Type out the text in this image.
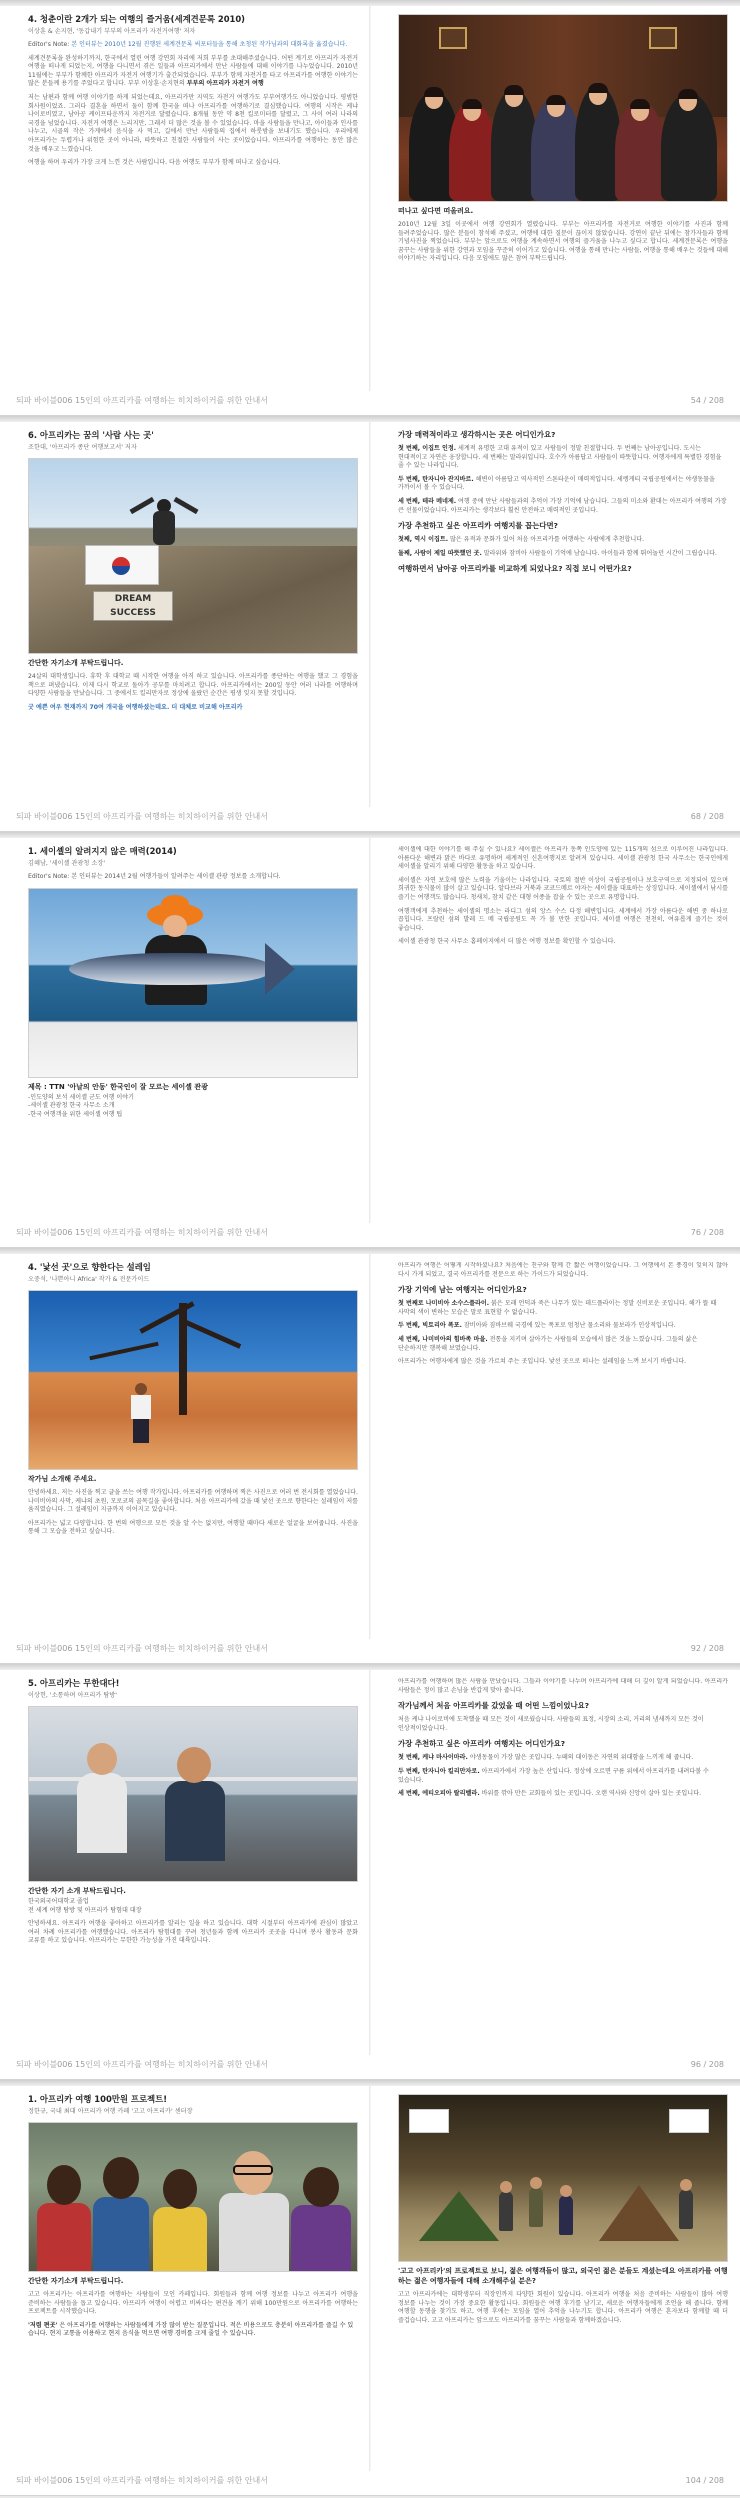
4. 청춘이란 2개가 되는 여행의 즐거움(세계견문록 2010)
이상훈 & 손지현, '동갑내기 부부의 아프리카 자전거여행' 저자
Editor's Note: 본 인터뷰는 2010년 12월 진행된 세계견문록 써포터들을 통해 초청된 작가님과의 대화록을 옮겼습니다.
세계견문록을 완성하기까지, 한국에서 열린 여행 강연회 자리에 저희 부부를 초대해주셨습니다. 어떤 계기로 아프리카 자전거 여행을 떠나게 되었는지, 여행을 다니면서 겪은 일들과 아프리카에서 만난 사람들에 대해 이야기를 나누었습니다. 2010년 11월에는 부부가 함께한 아프리카 자전거 여행기가 출간되었습니다. 부부가 함께 자전거를 타고 아프리카를 여행한 이야기는 많은 분들께 용기를 주었다고 합니다. 부부 이상훈·손지현의 부부의 아프리카 자전거 여행
저는 남편과 함께 여행 이야기를 하게 되었는데요, 아프리카만 지역도 자전거 여행가도 부부여행가도 아니었습니다. 평범한 회사원이었죠. 그러다 결혼을 하면서 둘이 함께 한국을 떠나 아프리카를 여행하기로 결심했습니다. 여행의 시작은 케냐 나이로비였고, 남아공 케이프타운까지 자전거로 달렸습니다. 8개월 동안 약 8천 킬로미터를 달렸고, 그 사이 여러 나라의 국경을 넘었습니다. 자전거 여행은 느리지만, 그래서 더 많은 것을 볼 수 있었습니다. 마을 사람들을 만나고, 아이들과 인사를 나누고, 시골의 작은 가게에서 음식을 사 먹고, 길에서 만난 사람들의 집에서 하룻밤을 보내기도 했습니다. 우리에게 아프리카는 두렵거나 위험한 곳이 아니라, 따뜻하고 친절한 사람들이 사는 곳이었습니다. 아프리카를 여행하는 동안 많은 것을 배우고 느꼈습니다.
여행을 하며 우리가 가장 크게 느낀 것은 사람입니다. 다음 여행도 부부가 함께 떠나고 싶습니다.
떠나고 싶다면 떠올려요.
2010년 12월 3일 이곳에서 여행 강연회가 열렸습니다. 부부는 아프리카를 자전거로 여행한 이야기를 사진과 함께 들려주었습니다. 많은 분들이 참석해 주셨고, 여행에 대한 질문이 끊이지 않았습니다. 강연이 끝난 뒤에는 참가자들과 함께 기념사진을 찍었습니다. 부부는 앞으로도 여행을 계속하면서 여행의 즐거움을 나누고 싶다고 합니다. 세계견문록은 여행을 꿈꾸는 사람들을 위한 강연과 모임을 꾸준히 이어가고 있습니다. 여행을 통해 만나는 사람들, 여행을 통해 배우는 것들에 대해 이야기하는 자리입니다. 다음 모임에도 많은 참여 부탁드립니다.
되파 바이블006 15인의 아프리카를 여행하는 히치하이커를 위한 안내서	54 / 208
6. 아프리카는 꿈의 '사람 사는 곳'
조한대, '아프리카 종단 여행보고서' 저자
DREAM
SUCCESS
간단한 자기소개 부탁드립니다.
24살의 대학생입니다. 휴학 후 대학교 때 시작한 여행을 아직 하고 있습니다. 아프리카를 종단하는 여행을 했고 그 경험을 책으로 펴냈습니다. 이제 다시 학교로 돌아가 공부를 마치려고 합니다. 아프리카에서는 200일 동안 여러 나라를 여행하며 다양한 사람들을 만났습니다. 그 중에서도 킬리만자로 정상에 올랐던 순간은 평생 잊지 못할 것입니다.
굿 예쁜 여우 현재까지 70여 개국을 여행하셨는데요. 더 대체로 비교해 아프리카
가장 매력적이라고 생각하시는 곳은 어디인가요?
첫 번째, 이집트 인정. 세계적 유명한 고대 유적이 있고 사람들이 정말 친절합니다. 두 번째는 남아공입니다. 도시는 현대적이고 자연은 웅장합니다. 세 번째는 말라위입니다. 호수가 아름답고 사람들이 따뜻합니다. 여행자에게 특별한 경험을 줄 수 있는 나라입니다.
두 번째, 탄자니아 잔지바르. 해변이 아름답고 역사적인 스톤타운이 매력적입니다. 세렝게티 국립공원에서는 야생동물을 가까이서 볼 수 있습니다.
세 번째, 테라 메네제. 여행 중에 만난 사람들과의 추억이 가장 기억에 남습니다. 그들의 미소와 환대는 아프리카 여행의 가장 큰 선물이었습니다. 아프리카는 생각보다 훨씬 안전하고 매력적인 곳입니다.
가장 추천하고 싶은 아프리카 여행지를 꼽는다면?
첫째, 역시 이집트. 많은 유적과 문화가 있어 처음 아프리카를 여행하는 사람에게 추천합니다.
둘째, 사람이 제일 따뜻했던 곳. 말라위와 잠비아 사람들이 기억에 남습니다. 아이들과 함께 뛰어놀던 시간이 그립습니다.
여행하면서 남아공 아프리카를 비교하게 되었나요? 직접 보니 어떤가요?
되파 바이블006 15인의 아프리카를 여행하는 히치하이커를 위한 안내서	68 / 208
1. 세이셸의 알려지지 않은 매력(2014)
김혜남, '세이셸 관광청 소장'
Editor's Note: 본 인터뷰는 2014년 2월 여행가들이 알려주는 세이셸 관광 정보를 소개합니다.
제목 : TTN '아날의 안동' 한국인이 잘 모르는 세이셸 관광
-인도양의 보석 세이셸 군도 여행 이야기
-세이셸 관광청 한국 사무소 소개
-한국 여행객을 위한 세이셸 여행 팁
세이셸에 대한 이야기를 해 주실 수 있나요? 세이셸은 아프리카 동쪽 인도양에 있는 115개의 섬으로 이루어진 나라입니다. 아름다운 해변과 맑은 바다로 유명하며 세계적인 신혼여행지로 알려져 있습니다. 세이셸 관광청 한국 사무소는 한국인에게 세이셸을 알리기 위해 다양한 활동을 하고 있습니다.
세이셸은 자연 보호에 많은 노력을 기울이는 나라입니다. 국토의 절반 이상이 국립공원이나 보호구역으로 지정되어 있으며 희귀한 동식물이 많이 살고 있습니다. 알다브라 거북과 코코드메르 야자는 세이셸을 대표하는 상징입니다. 세이셸에서 낚시를 즐기는 여행객도 많습니다. 청새치, 참치 같은 대형 어종을 잡을 수 있는 곳으로 유명합니다.
여행객에게 추천하는 세이셸의 명소는 라디그 섬의 앙스 수스 다정 해변입니다. 세계에서 가장 아름다운 해변 중 하나로 꼽힙니다. 프랄린 섬의 발레 드 메 국립공원도 꼭 가 볼 만한 곳입니다. 세이셸 여행은 천천히, 여유롭게 즐기는 것이 좋습니다.
세이셸 관광청 한국 사무소 홈페이지에서 더 많은 여행 정보를 확인할 수 있습니다.
되파 바이블006 15인의 아프리카를 여행하는 히치하이커를 위한 안내서	76 / 208
4. '낯선 곳'으로 향한다는 설레임
오중석, '나쁜아니 Africa' 작가 & 전문가이드
작가님 소개해 주세요.
안녕하세요. 저는 사진을 찍고 글을 쓰는 여행 작가입니다. 아프리카를 여행하며 찍은 사진으로 여러 번 전시회를 열었습니다. 나미비아의 사막, 케냐의 초원, 모로코의 골목길을 좋아합니다. 처음 아프리카에 갔을 때 낯선 곳으로 향한다는 설레임이 저를 움직였습니다. 그 설레임이 지금까지 이어지고 있습니다.
아프리카는 넓고 다양합니다. 한 번의 여행으로 모든 것을 알 수는 없지만, 여행할 때마다 새로운 얼굴을 보여줍니다. 사진을 통해 그 모습을 전하고 싶습니다.
아프리카 여행은 어떻게 시작하셨나요? 처음에는 친구와 함께 간 짧은 여행이었습니다. 그 여행에서 본 풍경이 잊히지 않아 다시 가게 되었고, 결국 아프리카를 전문으로 하는 가이드가 되었습니다.
가장 기억에 남는 여행지는 어디인가요?
첫 번째로 나미비아 소수스플라이. 붉은 모래 언덕과 죽은 나무가 있는 데드플라이는 정말 신비로운 곳입니다. 해가 뜰 때 사막의 색이 변하는 모습은 말로 표현할 수 없습니다.
두 번째, 빅토리아 폭포. 잠비아와 짐바브웨 국경에 있는 폭포로 엄청난 물소리와 물보라가 인상적입니다.
세 번째, 나미비아의 힘바족 마을. 전통을 지키며 살아가는 사람들의 모습에서 많은 것을 느꼈습니다. 그들의 삶은 단순하지만 행복해 보였습니다.
아프리카는 여행자에게 많은 것을 가르쳐 주는 곳입니다. 낯선 곳으로 떠나는 설레임을 느껴 보시기 바랍니다.
되파 바이블006 15인의 아프리카를 여행하는 히치하이커를 위한 안내서	92 / 208
5. 아프리카는 무한대다!
이상헌, '소통하며 아프리카 탐방'
간단한 자기 소개 부탁드립니다.
한국외국어대학교 졸업
전 세계 여행 탐방 및 아프리카 탐험대 대장
안녕하세요. 아프리카 여행을 좋아하고 아프리카를 알리는 일을 하고 있습니다. 대학 시절부터 아프리카에 관심이 많았고 여러 차례 아프리카를 여행했습니다. 아프리카 탐험대를 꾸려 청년들과 함께 아프리카 곳곳을 다니며 봉사 활동과 문화 교류를 하고 있습니다. 아프리카는 무한한 가능성을 가진 대륙입니다.
아프리카를 여행하며 많은 사람을 만났습니다. 그들과 이야기를 나누며 아프리카에 대해 더 깊이 알게 되었습니다. 아프리카 사람들은 정이 많고 손님을 반갑게 맞아 줍니다.
작가님께서 처음 아프리카를 갔었을 때 어떤 느낌이었나요?
처음 케냐 나이로비에 도착했을 때 모든 것이 새로웠습니다. 사람들의 표정, 시장의 소리, 거리의 냄새까지 모든 것이 인상적이었습니다.
가장 추천하고 싶은 아프리카 여행지는 어디인가요?
첫 번째, 케냐 마사이마라. 야생동물이 가장 많은 곳입니다. 누떼의 대이동은 자연의 위대함을 느끼게 해 줍니다.
두 번째, 탄자니아 킬리만자로. 아프리카에서 가장 높은 산입니다. 정상에 오르면 구름 위에서 아프리카를 내려다볼 수 있습니다.
세 번째, 에티오피아 랄리벨라. 바위를 깎아 만든 교회들이 있는 곳입니다. 오랜 역사와 신앙이 살아 있는 곳입니다.
되파 바이블006 15인의 아프리카를 여행하는 히치하이커를 위한 안내서	96 / 208
1. 아프리카 여행 100만원 프로젝트!
정한규, 국내 최대 아프리카 여행 카페 '고고 아프리카' 센터장
간단한 자기소개 부탁드립니다.
고고 아프리카는 아프리카를 여행하는 사람들이 모인 카페입니다. 회원들과 함께 여행 정보를 나누고 아프리카 여행을 준비하는 사람들을 돕고 있습니다. 아프리카 여행이 어렵고 비싸다는 편견을 깨기 위해 100만원으로 아프리카를 여행하는 프로젝트를 시작했습니다.
'저렴 편곳' 은 아프리카를 여행하는 사람들에게 가장 많이 받는 질문입니다. 적은 비용으로도 충분히 아프리카를 즐길 수 있습니다. 현지 교통을 이용하고 현지 음식을 먹으면 여행 경비를 크게 줄일 수 있습니다.
'고고 아프리카'의 프로젝트로 보니, 젊은 여행객들이 많고, 외국인 젊은 분들도 계셨는데요 아프리카를 여행하는 젊은 여행자들에 대해 소개해주실 분은?
고고 아프리카에는 대학생부터 직장인까지 다양한 회원이 있습니다. 아프리카 여행을 처음 준비하는 사람들이 많아 여행 정보를 나누는 것이 가장 중요한 활동입니다. 회원들은 여행 후기를 남기고, 새로운 여행자들에게 조언을 해 줍니다. 함께 여행할 동행을 찾기도 하고, 여행 후에는 모임을 열어 추억을 나누기도 합니다. 아프리카 여행은 혼자보다 함께할 때 더 즐겁습니다. 고고 아프리카는 앞으로도 아프리카를 꿈꾸는 사람들과 함께하겠습니다.
되파 바이블006 15인의 아프리카를 여행하는 히치하이커를 위한 안내서	104 / 208
